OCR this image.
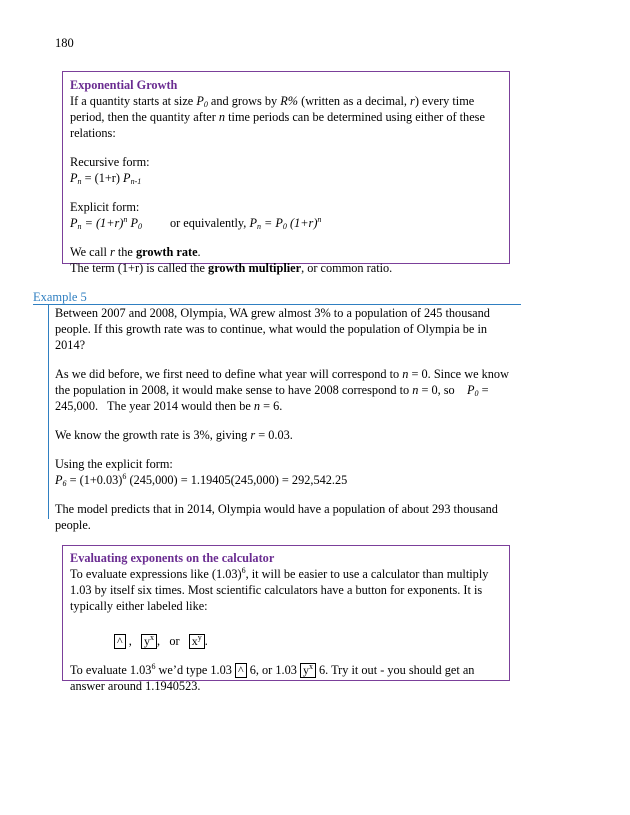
180
Exponential Growth
If a quantity starts at size $P_0$ and grows by R% (written as a decimal, r) every time
period, then the quantity after n time periods can be determined using either of these
relations:
Recursive form:
$P_n = (1+r)$ $P_{n-1}$
Explicit form:
$P_n = (1+r)^n$ $P_0$ or equivalently, $P_n = P_0$ $(1+r)^n$
We call r the growth rate.
The term (1+r) is called the growth multiplier, or common ratio.
Example 5
Between 2007 and 2008, Olympia, WA grew almost 3% to a population of 245 thousand
people. If this growth rate was to continue, what would the population of Olympia be in
2014?
As we did before, we first need to define what year will correspond to n = 0. Since we know
the population in 2008, it would make sense to have 2008 correspond to n = 0, so    $P_0$ =
245,000.   The year 2014 would then be n = 6.
We know the growth rate is 3%, giving r = 0.03.
Using the explicit form:
$P_6 = (1+0.03)^6$ (245,000) = 1.19405(245,000) = 292,542.25
The model predicts that in 2014, Olympia would have a population of about 293 thousand
people.
Evaluating exponents on the calculator
To evaluate expressions like $(1.03)^6$, it will be easier to use a calculator than multiply
1.03 by itself six times. Most scientific calculators have a button for exponents. It is
typically either labeled like:
^ ,   $y^x$ ,   or   $x^y$ .
To evaluate 1.03$^6$ we’d type 1.03 ^ 6, or 1.03 $y^x$ 6. Try it out - you should get an
answer around 1.1940523.
